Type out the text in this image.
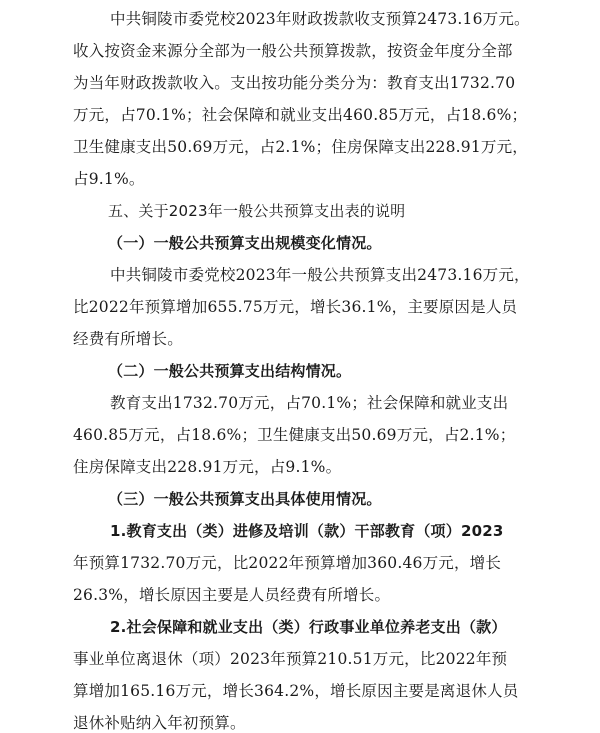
中共铜陵市委党校2023年财政拨款收支预算2473.16万元。
收入按资金来源分全部为一般公共预算拨款，按资金年度分全部
为当年财政拨款收入。支出按功能分类分为：教育支出1732.70
万元，占70.1%；社会保障和就业支出460.85万元，占18.6%；
卫生健康支出50.69万元，占2.1%；住房保障支出228.91万元，
占9.1%。
五、关于2023年一般公共预算支出表的说明
（一）一般公共预算支出规模变化情况。
中共铜陵市委党校2023年一般公共预算支出2473.16万元，
比2022年预算增加655.75万元，增长36.1%，主要原因是人员
经费有所增长。
（二）一般公共预算支出结构情况。
教育支出1732.70万元，占70.1%；社会保障和就业支出
460.85万元，占18.6%；卫生健康支出50.69万元，占2.1%；
住房保障支出228.91万元，占9.1%。
（三）一般公共预算支出具体使用情况。
1.教育支出（类）进修及培训（款）干部教育（项）2023
年预算1732.70万元，比2022年预算增加360.46万元，增长
26.3%，增长原因主要是人员经费有所增长。
2.社会保障和就业支出（类）行政事业单位养老支出（款）
事业单位离退休（项）2023年预算210.51万元，比2022年预
算增加165.16万元，增长364.2%，增长原因主要是离退休人员
退休补贴纳入年初预算。
